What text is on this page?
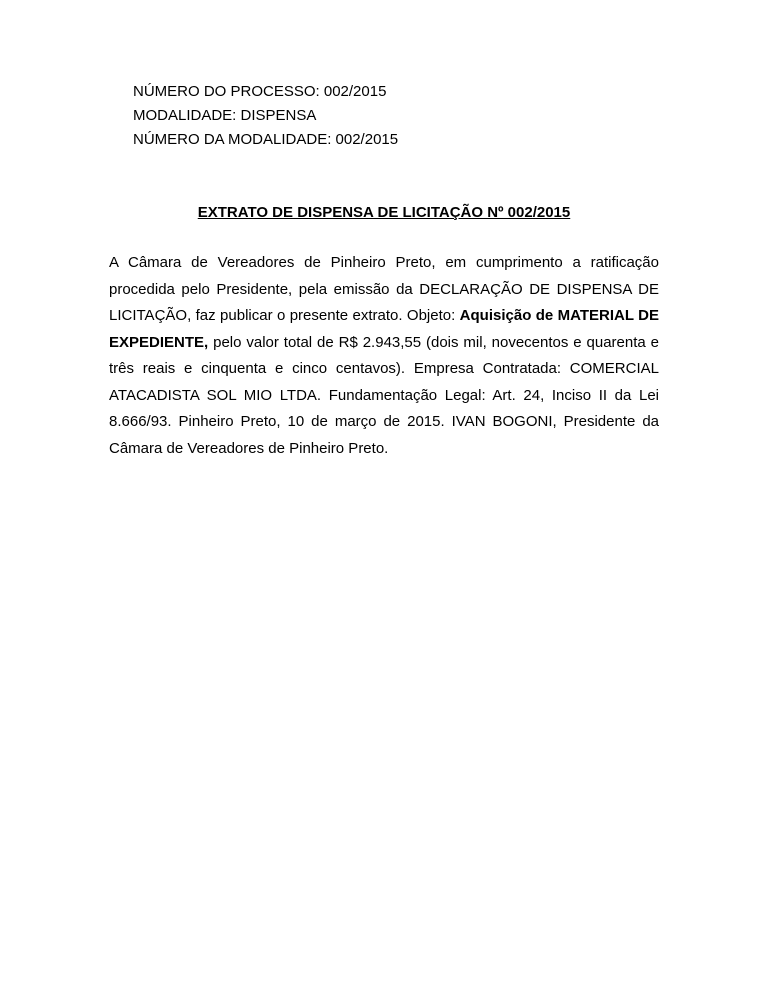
NÚMERO DO PROCESSO: 002/2015

MODALIDADE: DISPENSA

NÚMERO DA MODALIDADE: 002/2015

EXTRATO DE DISPENSA DE LICITAÇÃO Nº 002/2015

A Câmara de Vereadores de Pinheiro Preto, em cumprimento a ratificação procedida pelo Presidente, pela emissão da DECLARAÇÃO DE DISPENSA DE LICITAÇÃO, faz publicar o presente extrato. Objeto: Aquisição de MATERIAL DE EXPEDIENTE, pelo valor total de R$ 2.943,55 (dois mil, novecentos e quarenta e três reais e cinquenta e cinco centavos). Empresa Contratada: COMERCIAL ATACADISTA SOL MIO LTDA. Fundamentação Legal: Art. 24, Inciso II da Lei 8.666/93. Pinheiro Preto, 10 de março de 2015. IVAN BOGONI, Presidente da Câmara de Vereadores de Pinheiro Preto.
